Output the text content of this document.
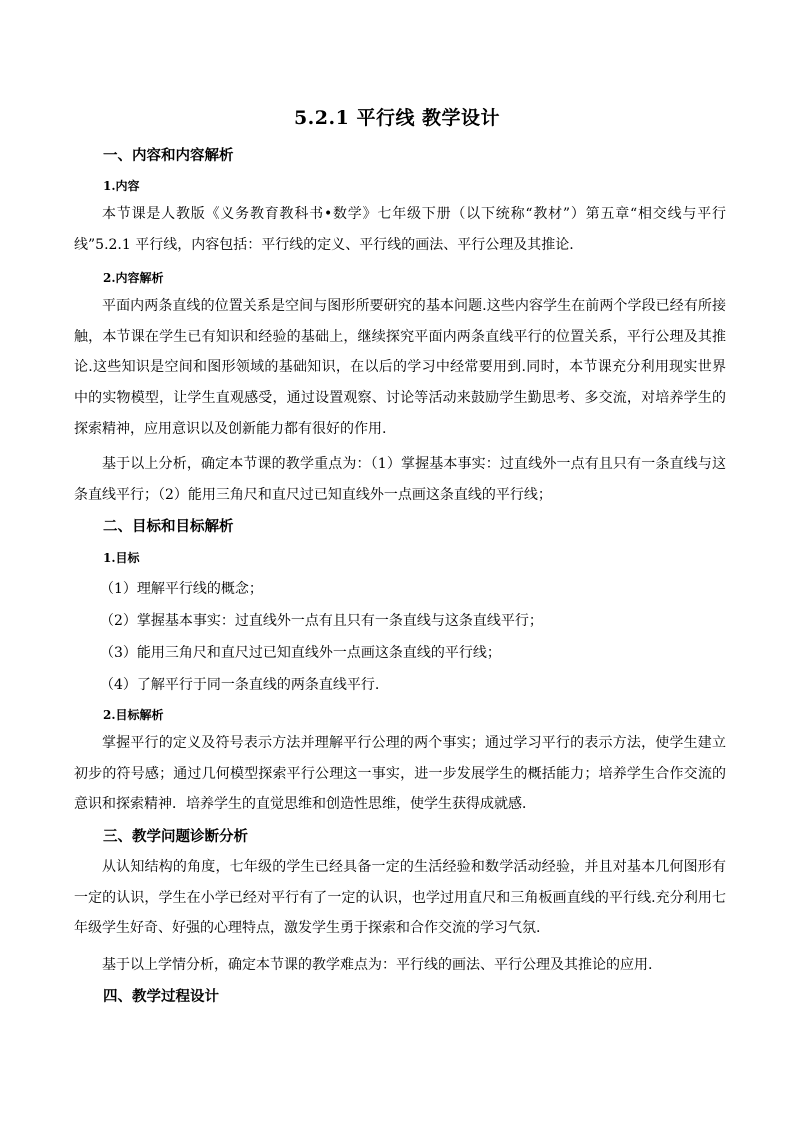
5.2.1 平行线 教学设计
一、内容和内容解析
1.内容

本节课是人教版《义务教育教科书•数学》七年级下册（以下统称“教材”）第五章“相交线与平行线”5.2.1 平行线，内容包括：平行线的定义、平行线的画法、平行公理及其推论.

2.内容解析

平面内两条直线的位置关系是空间与图形所要研究的基本问题.这些内容学生在前两个学段已经有所接触，本节课在学生已有知识和经验的基础上，继续探究平面内两条直线平行的位置关系，平行公理及其推论.这些知识是空间和图形领域的基础知识，在以后的学习中经常要用到.同时，本节课充分利用现实世界中的实物模型，让学生直观感受，通过设置观察、讨论等活动来鼓励学生勤思考、多交流，对培养学生的探索精神，应用意识以及创新能力都有很好的作用.

基于以上分析，确定本节课的教学重点为：（1）掌握基本事实：过直线外一点有且只有一条直线与这条直线平行；（2）能用三角尺和直尺过已知直线外一点画这条直线的平行线；

二、目标和目标解析
1.目标
（1）理解平行线的概念；
（2）掌握基本事实：过直线外一点有且只有一条直线与这条直线平行；
（3）能用三角尺和直尺过已知直线外一点画这条直线的平行线；
（4）了解平行于同一条直线的两条直线平行.
2.目标解析

掌握平行的定义及符号表示方法并理解平行公理的两个事实；通过学习平行的表示方法，使学生建立初步的符号感；通过几何模型探索平行公理这一事实，进一步发展学生的概括能力；培养学生合作交流的意识和探索精神．培养学生的直觉思维和创造性思维，使学生获得成就感．

三、教学问题诊断分析

从认知结构的角度，七年级的学生已经具备一定的生活经验和数学活动经验，并且对基本几何图形有一定的认识，学生在小学已经对平行有了一定的认识，也学过用直尺和三角板画直线的平行线.充分利用七年级学生好奇、好强的心理特点，激发学生勇于探索和合作交流的学习气氛.

基于以上学情分析，确定本节课的教学难点为：平行线的画法、平行公理及其推论的应用.

四、教学过程设计
